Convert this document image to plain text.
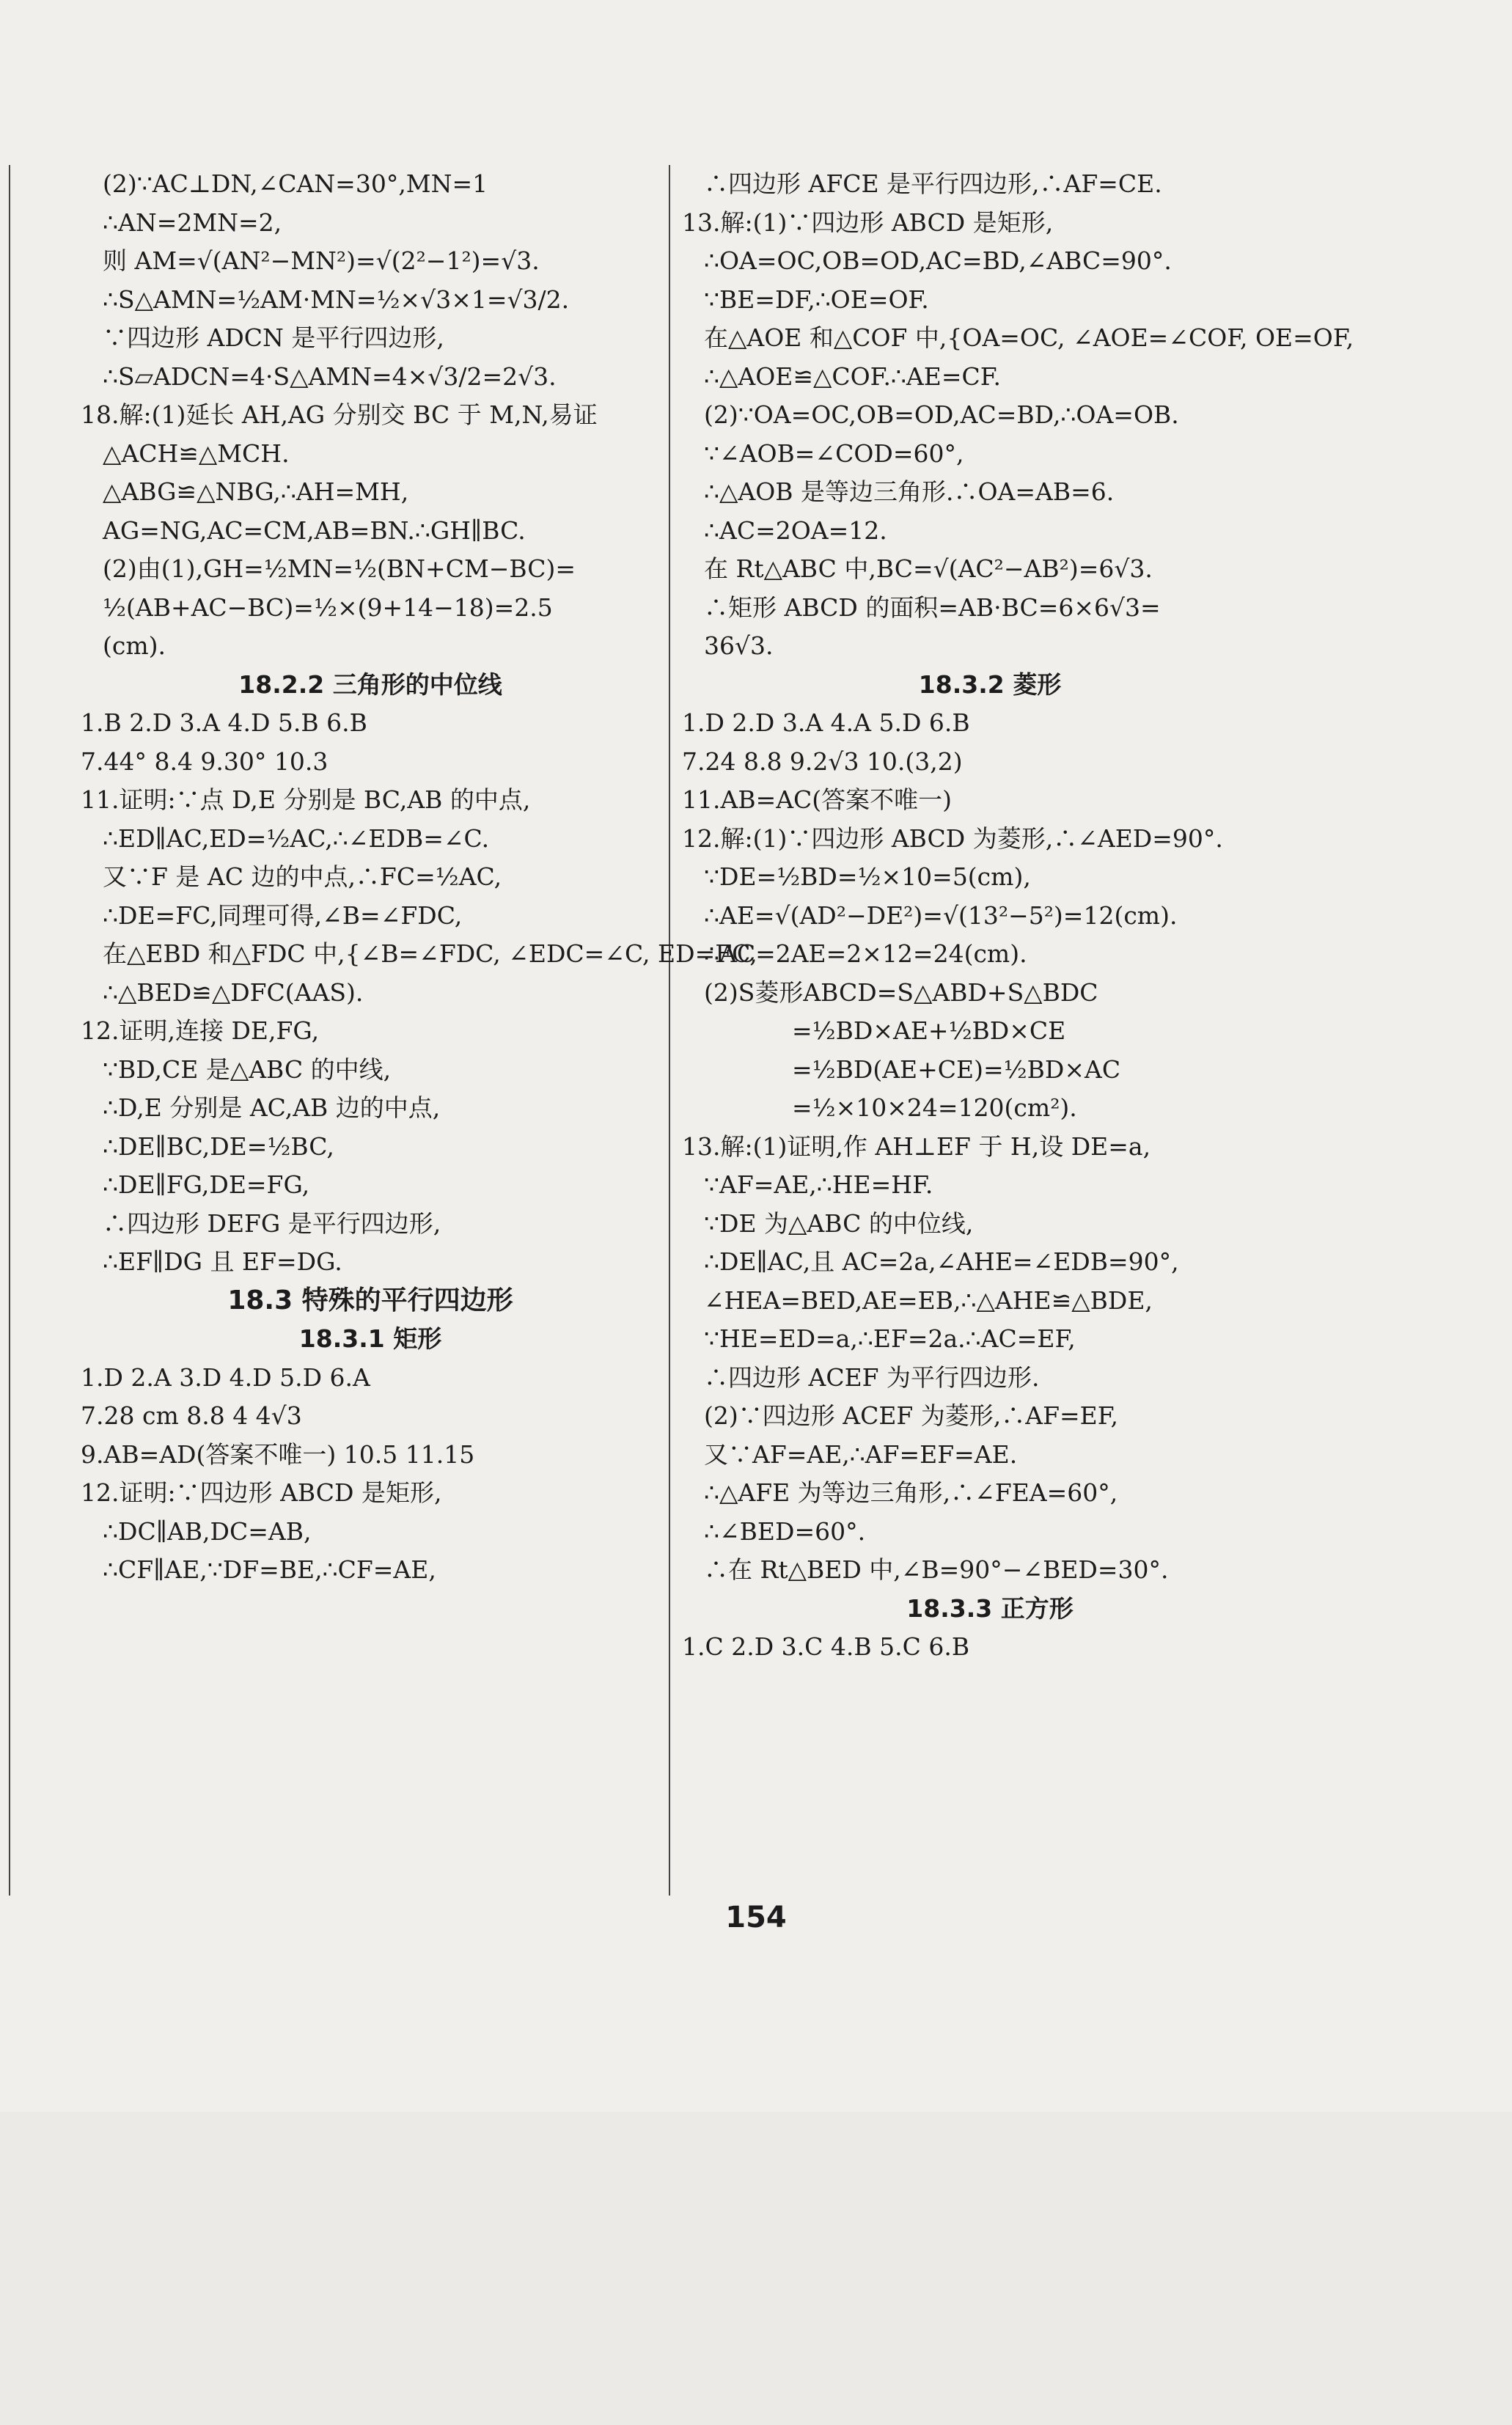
(2)∵AC⊥DN,∠CAN=30°,MN=1
∴AN=2MN=2,
则 AM=√(AN²−MN²)=√(2²−1²)=√3.
∴S△AMN=½AM·MN=½×√3×1=√3/2.
∵四边形 ADCN 是平行四边形,
∴S▱ADCN=4·S△AMN=4×√3/2=2√3.
18.解:(1)延长 AH,AG 分别交 BC 于 M,N,易证
△ACH≌△MCH.
△ABG≌△NBG,∴AH=MH,
AG=NG,AC=CM,AB=BN.∴GH∥BC.
(2)由(1),GH=½MN=½(BN+CM−BC)=
½(AB+AC−BC)=½×(9+14−18)=2.5
(cm).
18.2.2 三角形的中位线
1.B 2.D 3.A 4.D 5.B 6.B
7.44° 8.4 9.30° 10.3
11.证明:∵点 D,E 分别是 BC,AB 的中点,
∴ED∥AC,ED=½AC,∴∠EDB=∠C.
又∵F 是 AC 边的中点,∴FC=½AC,
∴DE=FC,同理可得,∠B=∠FDC,
在△EBD 和△FDC 中,{∠B=∠FDC, ∠EDC=∠C, ED=FC,
∴△BED≌△DFC(AAS).
12.证明,连接 DE,FG,
∵BD,CE 是△ABC 的中线,
∴D,E 分别是 AC,AB 边的中点,
∴DE∥BC,DE=½BC,
∴DE∥FG,DE=FG,
∴四边形 DEFG 是平行四边形,
∴EF∥DG 且 EF=DG.
18.3 特殊的平行四边形
18.3.1 矩形
1.D 2.A 3.D 4.D 5.D 6.A
7.28 cm 8.8 4 4√3
9.AB=AD(答案不唯一) 10.5 11.15
12.证明:∵四边形 ABCD 是矩形,
∴DC∥AB,DC=AB,
∴CF∥AE,∵DF=BE,∴CF=AE,
∴四边形 AFCE 是平行四边形,∴AF=CE.
13.解:(1)∵四边形 ABCD 是矩形,
∴OA=OC,OB=OD,AC=BD,∠ABC=90°.
∵BE=DF,∴OE=OF.
在△AOE 和△COF 中,{OA=OC, ∠AOE=∠COF, OE=OF,
∴△AOE≌△COF.∴AE=CF.
(2)∵OA=OC,OB=OD,AC=BD,∴OA=OB.
∵∠AOB=∠COD=60°,
∴△AOB 是等边三角形.∴OA=AB=6.
∴AC=2OA=12.
在 Rt△ABC 中,BC=√(AC²−AB²)=6√3.
∴矩形 ABCD 的面积=AB·BC=6×6√3=
36√3.
18.3.2 菱形
1.D 2.D 3.A 4.A 5.D 6.B
7.24 8.8 9.2√3 10.(3,2)
11.AB=AC(答案不唯一)
12.解:(1)∵四边形 ABCD 为菱形,∴∠AED=90°.
∵DE=½BD=½×10=5(cm),
∴AE=√(AD²−DE²)=√(13²−5²)=12(cm).
∴AC=2AE=2×12=24(cm).
(2)S菱形ABCD=S△ABD+S△BDC
=½BD×AE+½BD×CE
=½BD(AE+CE)=½BD×AC
=½×10×24=120(cm²).
13.解:(1)证明,作 AH⊥EF 于 H,设 DE=a,
∵AF=AE,∴HE=HF.
∵DE 为△ABC 的中位线,
∴DE∥AC,且 AC=2a,∠AHE=∠EDB=90°,
∠HEA=BED,AE=EB,∴△AHE≌△BDE,
∵HE=ED=a,∴EF=2a.∴AC=EF,
∴四边形 ACEF 为平行四边形.
(2)∵四边形 ACEF 为菱形,∴AF=EF,
又∵AF=AE,∴AF=EF=AE.
∴△AFE 为等边三角形,∴∠FEA=60°,
∴∠BED=60°.
∴在 Rt△BED 中,∠B=90°−∠BED=30°.
18.3.3 正方形
1.C 2.D 3.C 4.B 5.C 6.B
154
